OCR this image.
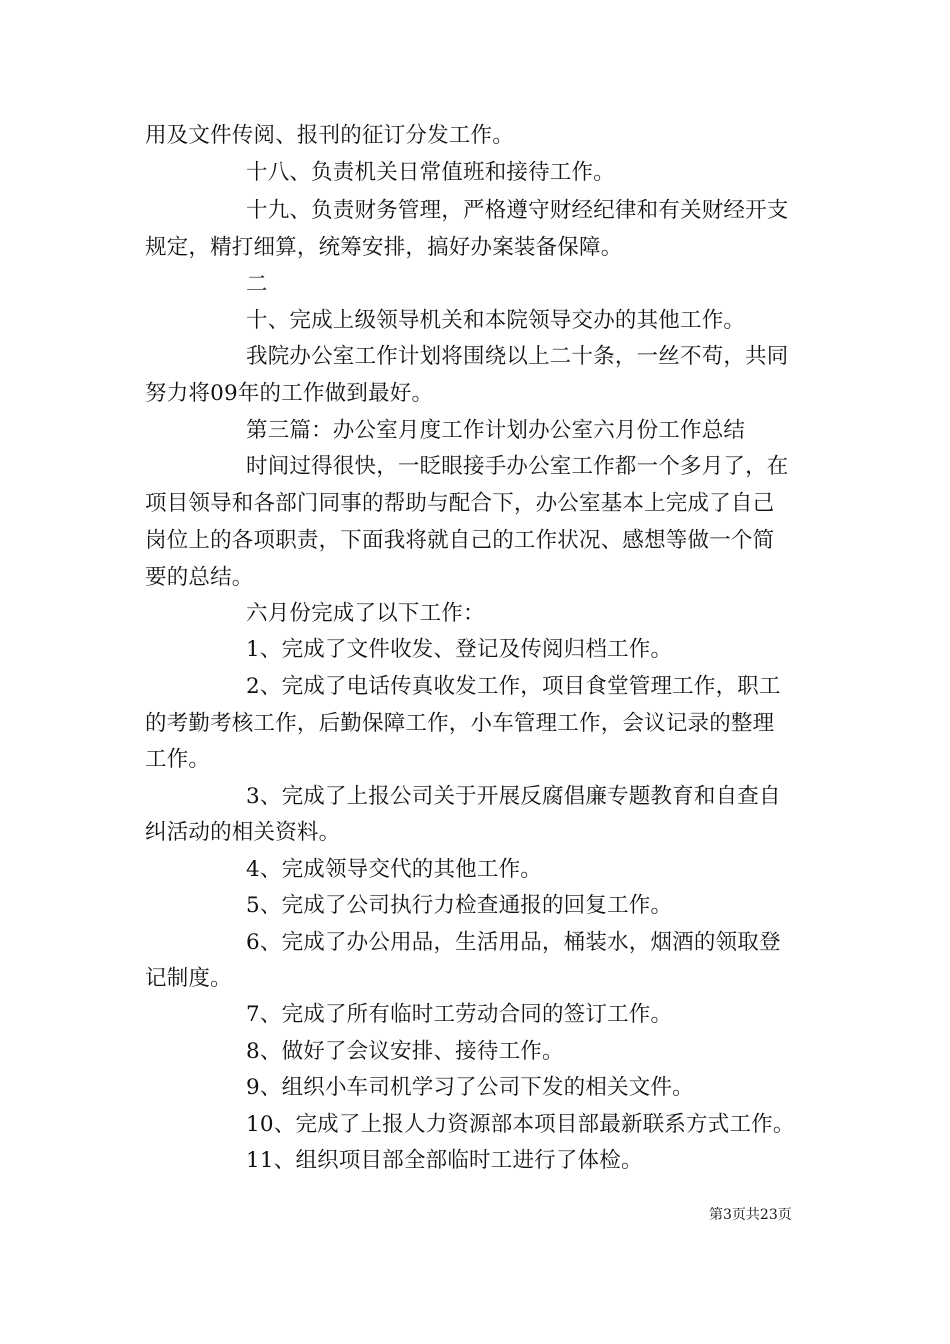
用及文件传阅、报刊的征订分发工作。
十八、负责机关日常值班和接待工作。
十九、负责财务管理，严格遵守财经纪律和有关财经开支
规定，精打细算，统筹安排，搞好办案装备保障。
二
十、完成上级领导机关和本院领导交办的其他工作。
我院办公室工作计划将围绕以上二十条，一丝不苟，共同
努力将09年的工作做到最好。
第三篇：办公室月度工作计划办公室六月份工作总结
时间过得很快，一眨眼接手办公室工作都一个多月了，在
项目领导和各部门同事的帮助与配合下，办公室基本上完成了自己
岗位上的各项职责，下面我将就自己的工作状况、感想等做一个简
要的总结。
六月份完成了以下工作：
1、完成了文件收发、登记及传阅归档工作。
2、完成了电话传真收发工作，项目食堂管理工作，职工
的考勤考核工作，后勤保障工作，小车管理工作，会议记录的整理
工作。
3、完成了上报公司关于开展反腐倡廉专题教育和自查自
纠活动的相关资料。
4、完成领导交代的其他工作。
5、完成了公司执行力检查通报的回复工作。
6、完成了办公用品，生活用品，桶装水，烟酒的领取登
记制度。
7、完成了所有临时工劳动合同的签订工作。
8、做好了会议安排、接待工作。
9、组织小车司机学习了公司下发的相关文件。
10、完成了上报人力资源部本项目部最新联系方式工作。
11、组织项目部全部临时工进行了体检。
第3页共23页
